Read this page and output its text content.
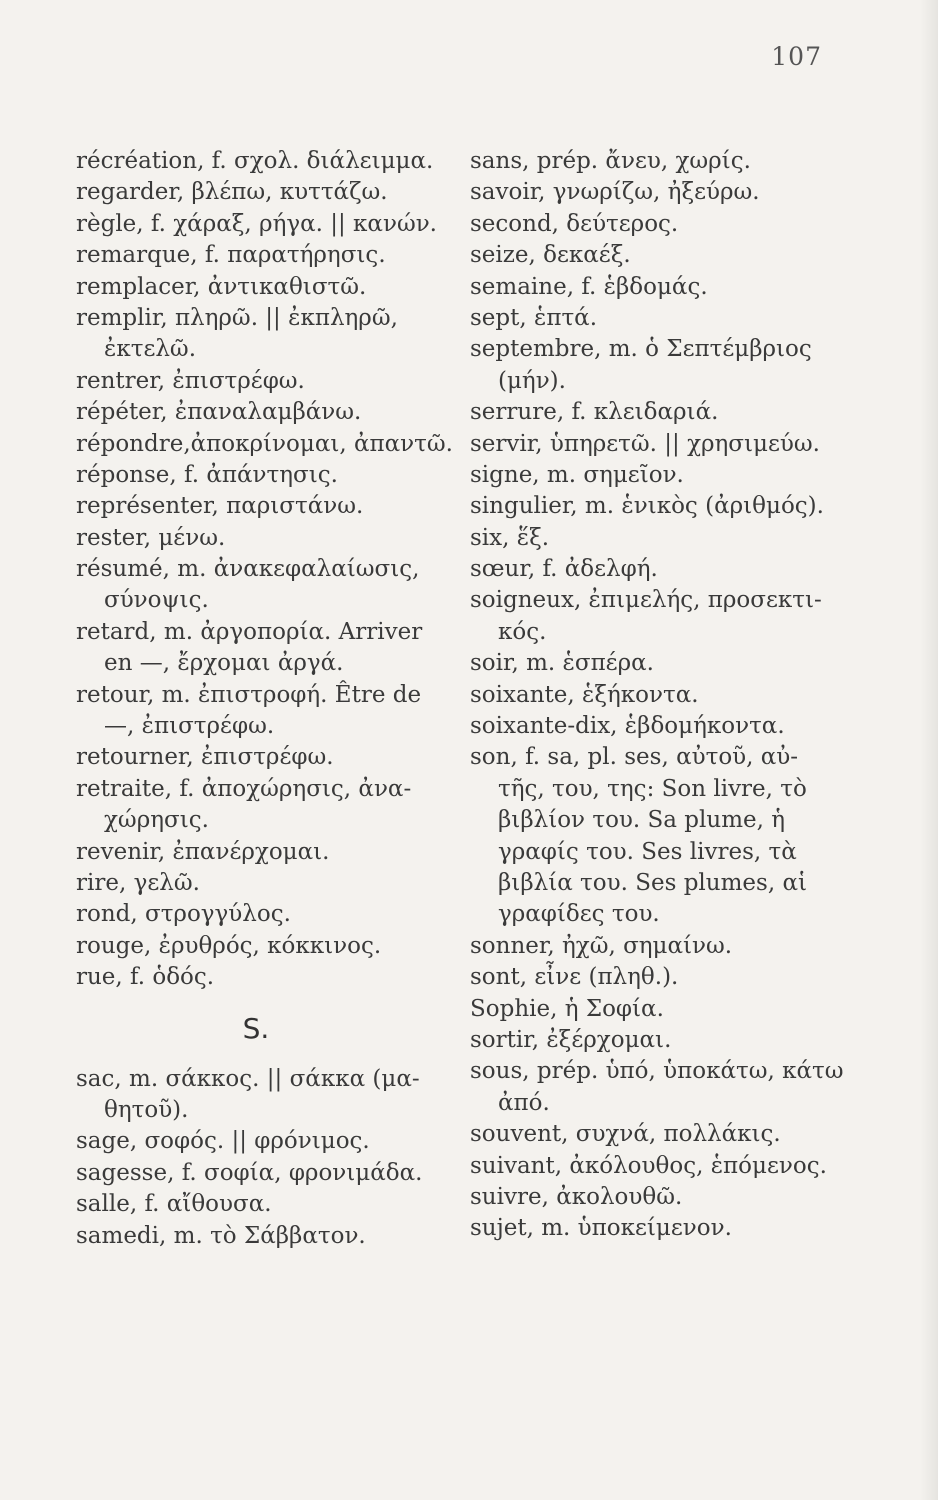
107
récréation, f. σχολ. διάλειμμα.
regarder, βλέπω, κυττάζω.
règle, f. χάραξ, ρήγα. || κανών.
remarque, f. παρατήρησις.
remplacer, ἀντικαθιστῶ.
remplir, πληρῶ. || ἐκπληρῶ,
ἐκτελῶ.
rentrer, ἐπιστρέφω.
répéter, ἐπαναλαμβάνω.
répondre,ἀποκρίνομαι, ἀπαντῶ.
réponse, f. ἀπάντησις.
représenter, παριστάνω.
rester, μένω.
résumé, m. ἀνακεφαλαίωσις,
σύνοψις.
retard, m. ἀργοπορία. Arriver
en —, ἔρχομαι ἀργά.
retour, m. ἐπιστροφή. Être de
—, ἐπιστρέφω.
retourner, ἐπιστρέφω.
retraite, f. ἀποχώρησις, ἀνα-
χώρησις.
revenir, ἐπανέρχομαι.
rire, γελῶ.
rond, στρογγύλος.
rouge, ἐρυθρός, κόκκινος.
rue, f. ὁδός.
S.
sac, m. σάκκος. || σάκκα (μα-
θητοῦ).
sage, σοφός. || φρόνιμος.
sagesse, f. σοφία, φρονιμάδα.
salle, f. αἴθουσα.
samedi, m. τὸ Σάββατον.
sans, prép. ἄνευ, χωρίς.
savoir, γνωρίζω, ἠξεύρω.
second, δεύτερος.
seize, δεκαέξ.
semaine, f. ἑβδομάς.
sept, ἑπτά.
septembre, m. ὁ Σεπτέμβριος
(μήν).
serrure, f. κλειδαριά.
servir, ὑπηρετῶ. || χρησιμεύω.
signe, m. σημεῖον.
singulier, m. ἑνικὸς (ἀριθμός).
six, ἕξ.
sœur, f. ἀδελφή.
soigneux, ἐπιμελής, προσεκτι-
κός.
soir, m. ἑσπέρα.
soixante, ἑξήκοντα.
soixante-dix, ἑβδομήκοντα.
son, f. sa, pl. ses, αὐτοῦ, αὐ-
τῆς, του, της: Son livre, τὸ
βιβλίον του. Sa plume, ἡ
γραφίς του. Ses livres, τὰ
βιβλία του. Ses plumes, αἱ
γραφίδες του.
sonner, ἠχῶ, σημαίνω.
sont, εἶνε (πληθ.).
Sophie, ἡ Σοφία.
sortir, ἐξέρχομαι.
sous, prép. ὑπό, ὑποκάτω, κάτω
ἀπό.
souvent, συχνά, πολλάκις.
suivant, ἀκόλουθος, ἑπόμενος.
suivre, ἀκολουθῶ.
sujet, m. ὑποκείμενον.
